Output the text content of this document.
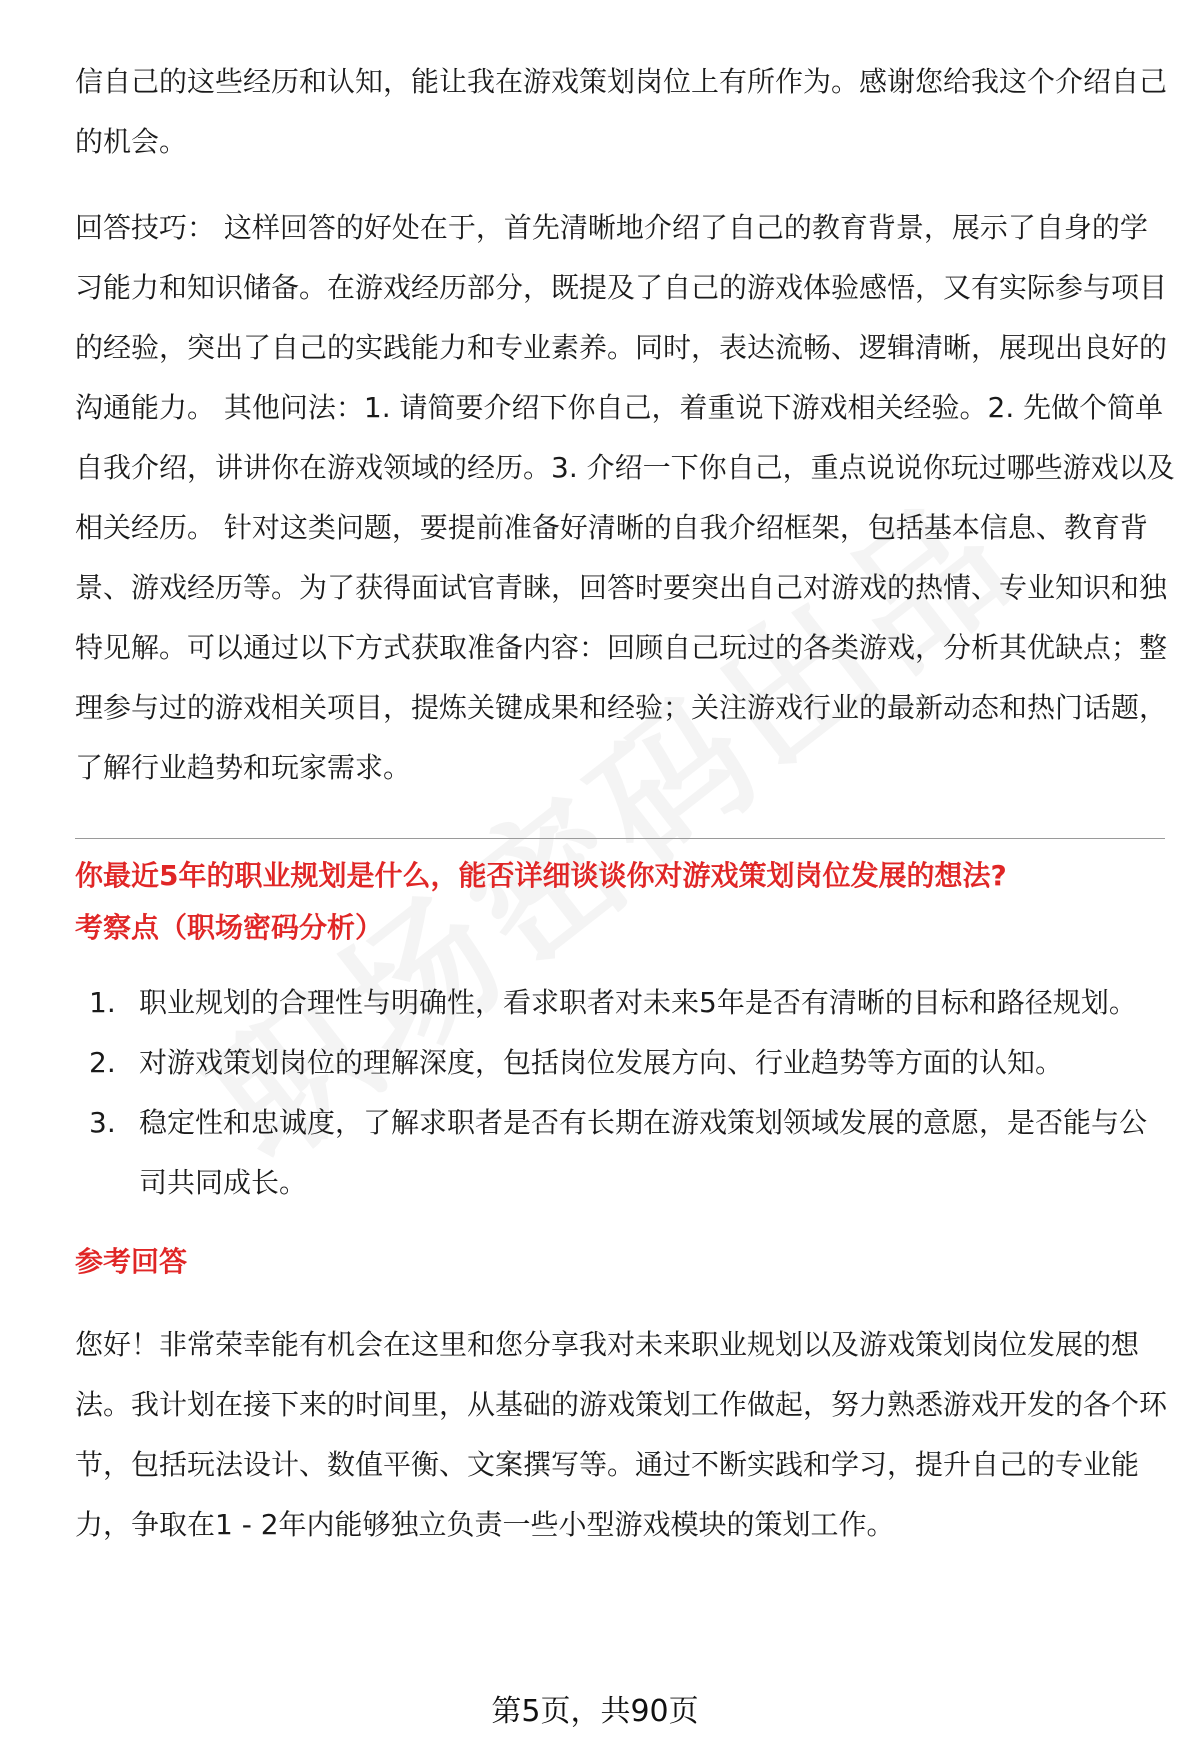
信自己的这些经历和认知，能让我在游戏策划岗位上有所作为。感谢您给我这个介绍自己的机会。

回答技巧： 这样回答的好处在于，首先清晰地介绍了自己的教育背景，展示了自身的学习能力和知识储备。在游戏经历部分，既提及了自己的游戏体验感悟，又有实际参与项目的经验，突出了自己的实践能力和专业素养。同时，表达流畅、逻辑清晰，展现出良好的沟通能力。 其他问法：1. 请简要介绍下你自己，着重说下游戏相关经验。2. 先做个简单自我介绍，讲讲你在游戏领域的经历。3. 介绍一下你自己，重点说说你玩过哪些游戏以及相关经历。 针对这类问题，要提前准备好清晰的自我介绍框架，包括基本信息、教育背景、游戏经历等。为了获得面试官青睐，回答时要突出自己对游戏的热情、专业知识和独特见解。可以通过以下方式获取准备内容：回顾自己玩过的各类游戏，分析其优缺点；整理参与过的游戏相关项目，提炼关键成果和经验；关注游戏行业的最新动态和热门话题，了解行业趋势和玩家需求。

你最近5年的职业规划是什么，能否详细谈谈你对游戏策划岗位发展的想法?
考察点（职场密码分析）
1. 职业规划的合理性与明确性，看求职者对未来5年是否有清晰的目标和路径规划。
2. 对游戏策划岗位的理解深度，包括岗位发展方向、行业趋势等方面的认知。
3. 稳定性和忠诚度，了解求职者是否有长期在游戏策划领域发展的意愿，是否能与公司共同成长。
参考回答

您好！非常荣幸能有机会在这里和您分享我对未来职业规划以及游戏策划岗位发展的想法。我计划在接下来的时间里，从基础的游戏策划工作做起，努力熟悉游戏开发的各个环节，包括玩法设计、数值平衡、文案撰写等。通过不断实践和学习，提升自己的专业能力，争取在1 - 2年内能够独立负责一些小型游戏模块的策划工作。

第5页，共90页
